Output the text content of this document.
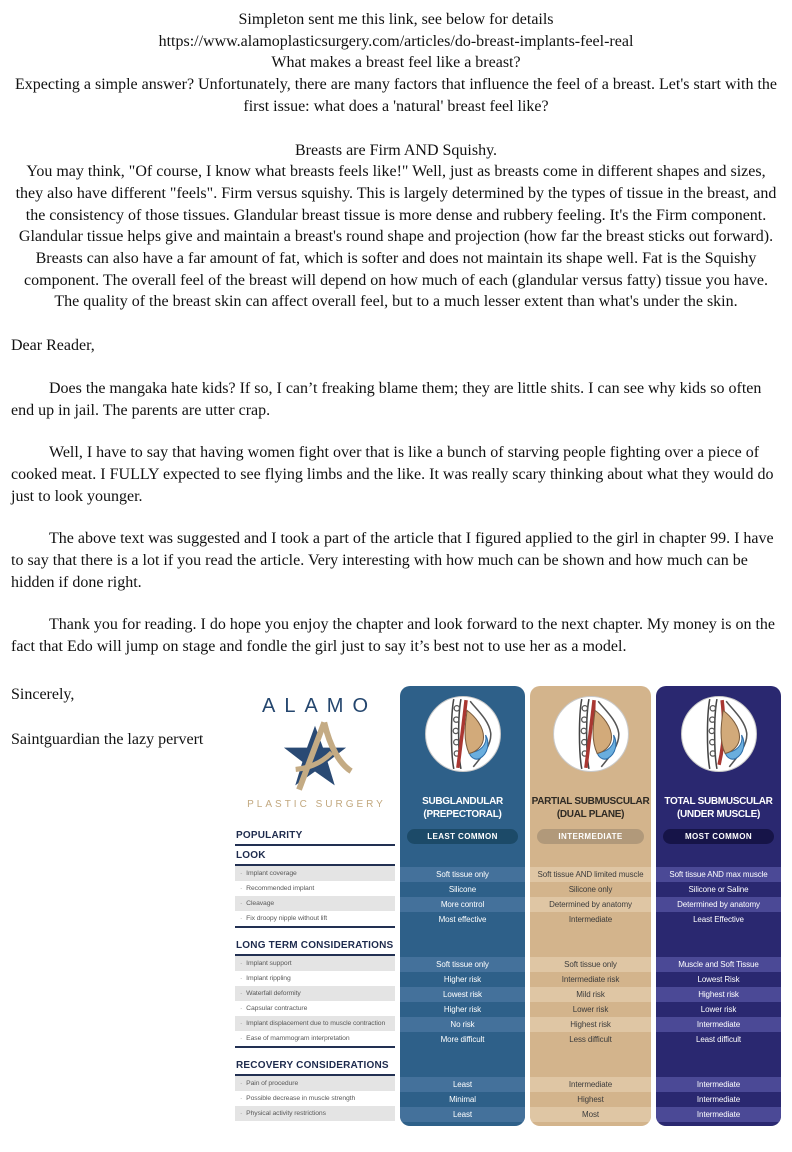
Simpleton sent me this link, see below for details
https://www.alamoplasticsurgery.com/articles/do-breast-implants-feel-real
What makes a breast feel like a breast?
Expecting a simple answer? Unfortunately, there are many factors that influence the feel of a breast. Let's start with the first issue: what does a 'natural' breast feel like?
Breasts are Firm AND Squishy.
You may think, "Of course, I know what breasts feels like!" Well, just as breasts come in different shapes and sizes, they also have different "feels". Firm versus squishy. This is largely determined by the types of tissue in the breast, and the consistency of those tissues. Glandular breast tissue is more dense and rubbery feeling. It's the Firm component. Glandular tissue helps give and maintain a breast's round shape and projection (how far the breast sticks out forward). Breasts can also have a far amount of fat, which is softer and does not maintain its shape well. Fat is the Squishy component. The overall feel of the breast will depend on how much of each (glandular versus fatty) tissue you have. The quality of the breast skin can affect overall feel, but to a much lesser extent than what's under the skin.

Dear Reader,

Does the mangaka hate kids? If so, I can’t freaking blame them; they are little shits. I can see why kids so often end up in jail. The parents are utter crap.

Well, I have to say that having women fight over that is like a bunch of starving people fighting over a piece of cooked meat. I FULLY expected to see flying limbs and the like. It was really scary thinking about what they would do just to look younger.

The above text was suggested and I took a part of the article that I figured applied to the girl in chapter 99. I have to say that there is a lot if you read the article. Very interesting with how much can be shown and how much can be hidden if done right.

Thank you for reading. I do hope you enjoy the chapter and look forward to the next chapter. My money is on the fact that Edo will jump on stage and fondle the girl just to say it’s best not to use her as a model.

ALAMO
PLASTIC SURGERY
POPULARITY
LOOK
· Implant coverage
· Recommended implant
· Cleavage
· Fix droopy nipple without lift
LONG TERM CONSIDERATIONS
· Implant support
· Implant rippling
· Waterfall deformity
· Capsular contracture
· Implant displacement due to muscle contraction
· Ease of mammogram interpretation
RECOVERY CONSIDERATIONS
· Pain of procedure
· Possible decrease in muscle strength
· Physical activity restrictions
SUBGLANDULAR
(PREPECTORAL)
LEAST COMMON
Soft tissue only
Silicone
More control
Most effective
Soft tissue only
Higher risk
Lowest risk
Higher risk
No risk
More difficult
Least
Minimal
Least
PARTIAL SUBMUSCULAR
(DUAL PLANE)
INTERMEDIATE
Soft tissue AND limited muscle
Silicone only
Determined by anatomy
Intermediate
Soft tissue only
Intermediate risk
Mild risk
Lower risk
Highest risk
Less difficult
Intermediate
Highest
Most
TOTAL SUBMUSCULAR
(UNDER MUSCLE)
MOST COMMON
Soft tissue AND max muscle
Silicone or Saline
Determined by anatomy
Least Effective
Muscle and Soft Tissue
Lowest Risk
Highest risk
Lower risk
Intermediate
Least difficult
Intermediate
Intermediate
Intermediate

Sincerely,

Saintguardian the lazy pervert
